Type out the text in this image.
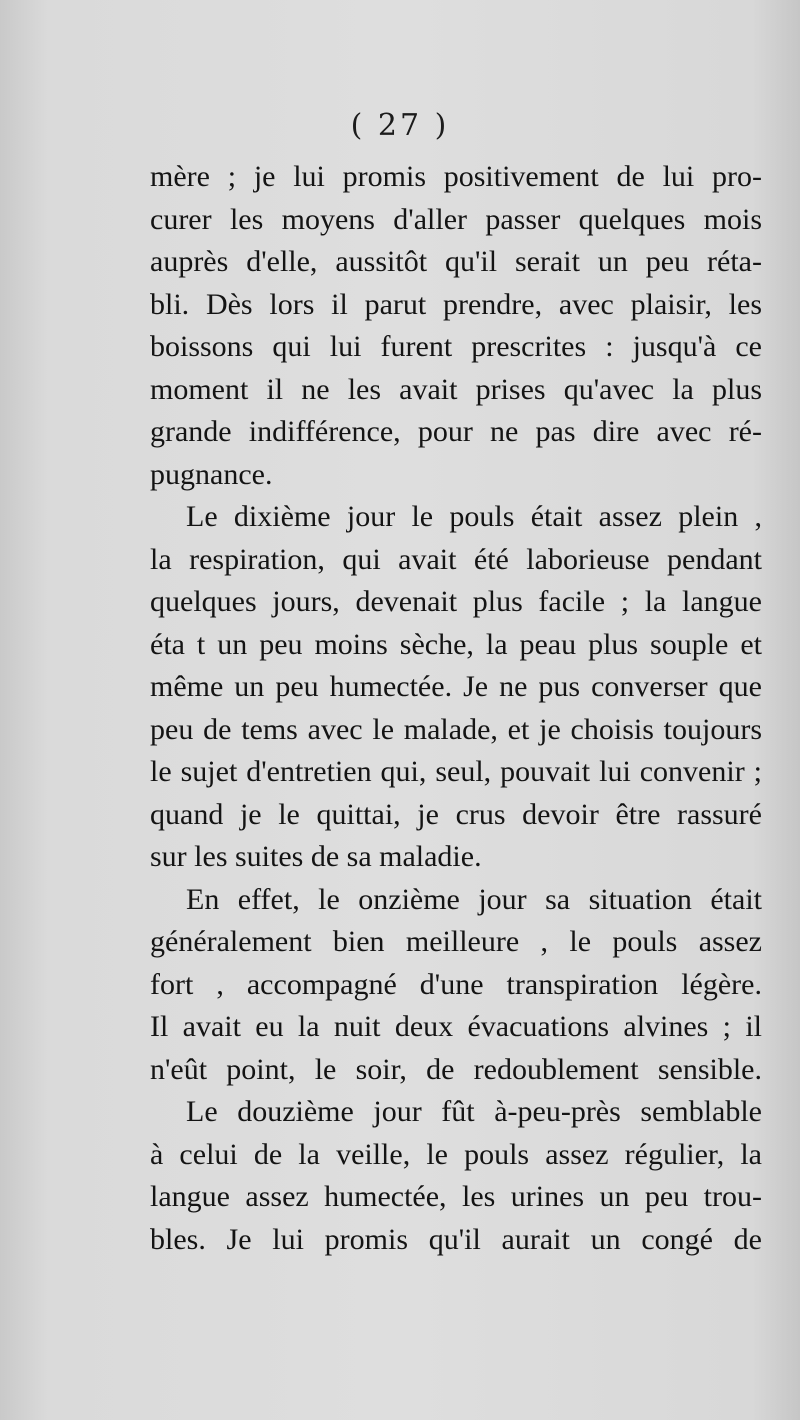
( 27 )
mère ; je lui promis positivement de lui pro-
curer les moyens d'aller passer quelques mois
auprès d'elle, aussitôt qu'il serait un peu réta-
bli. Dès lors il parut prendre, avec plaisir, les
boissons qui lui furent prescrites : jusqu'à ce
moment il ne les avait prises qu'avec la plus
grande indifférence, pour ne pas dire avec ré-
pugnance.
Le dixième jour le pouls était assez plein ,
la respiration, qui avait été laborieuse pendant
quelques jours, devenait plus facile ; la langue
éta t un peu moins sèche, la peau plus souple et
même un peu humectée. Je ne pus converser que
peu de tems avec le malade, et je choisis toujours
le sujet d'entretien qui, seul, pouvait lui convenir ;
quand je le quittai, je crus devoir être rassuré
sur les suites de sa maladie.
En effet, le onzième jour sa situation était
généralement bien meilleure , le pouls assez
fort , accompagné d'une transpiration légère.
Il avait eu la nuit deux évacuations alvines ; il
n'eût point, le soir, de redoublement sensible.
Le douzième jour fût à-peu-près semblable
à celui de la veille, le pouls assez régulier, la
langue assez humectée, les urines un peu trou-
bles. Je lui promis qu'il aurait un congé de
